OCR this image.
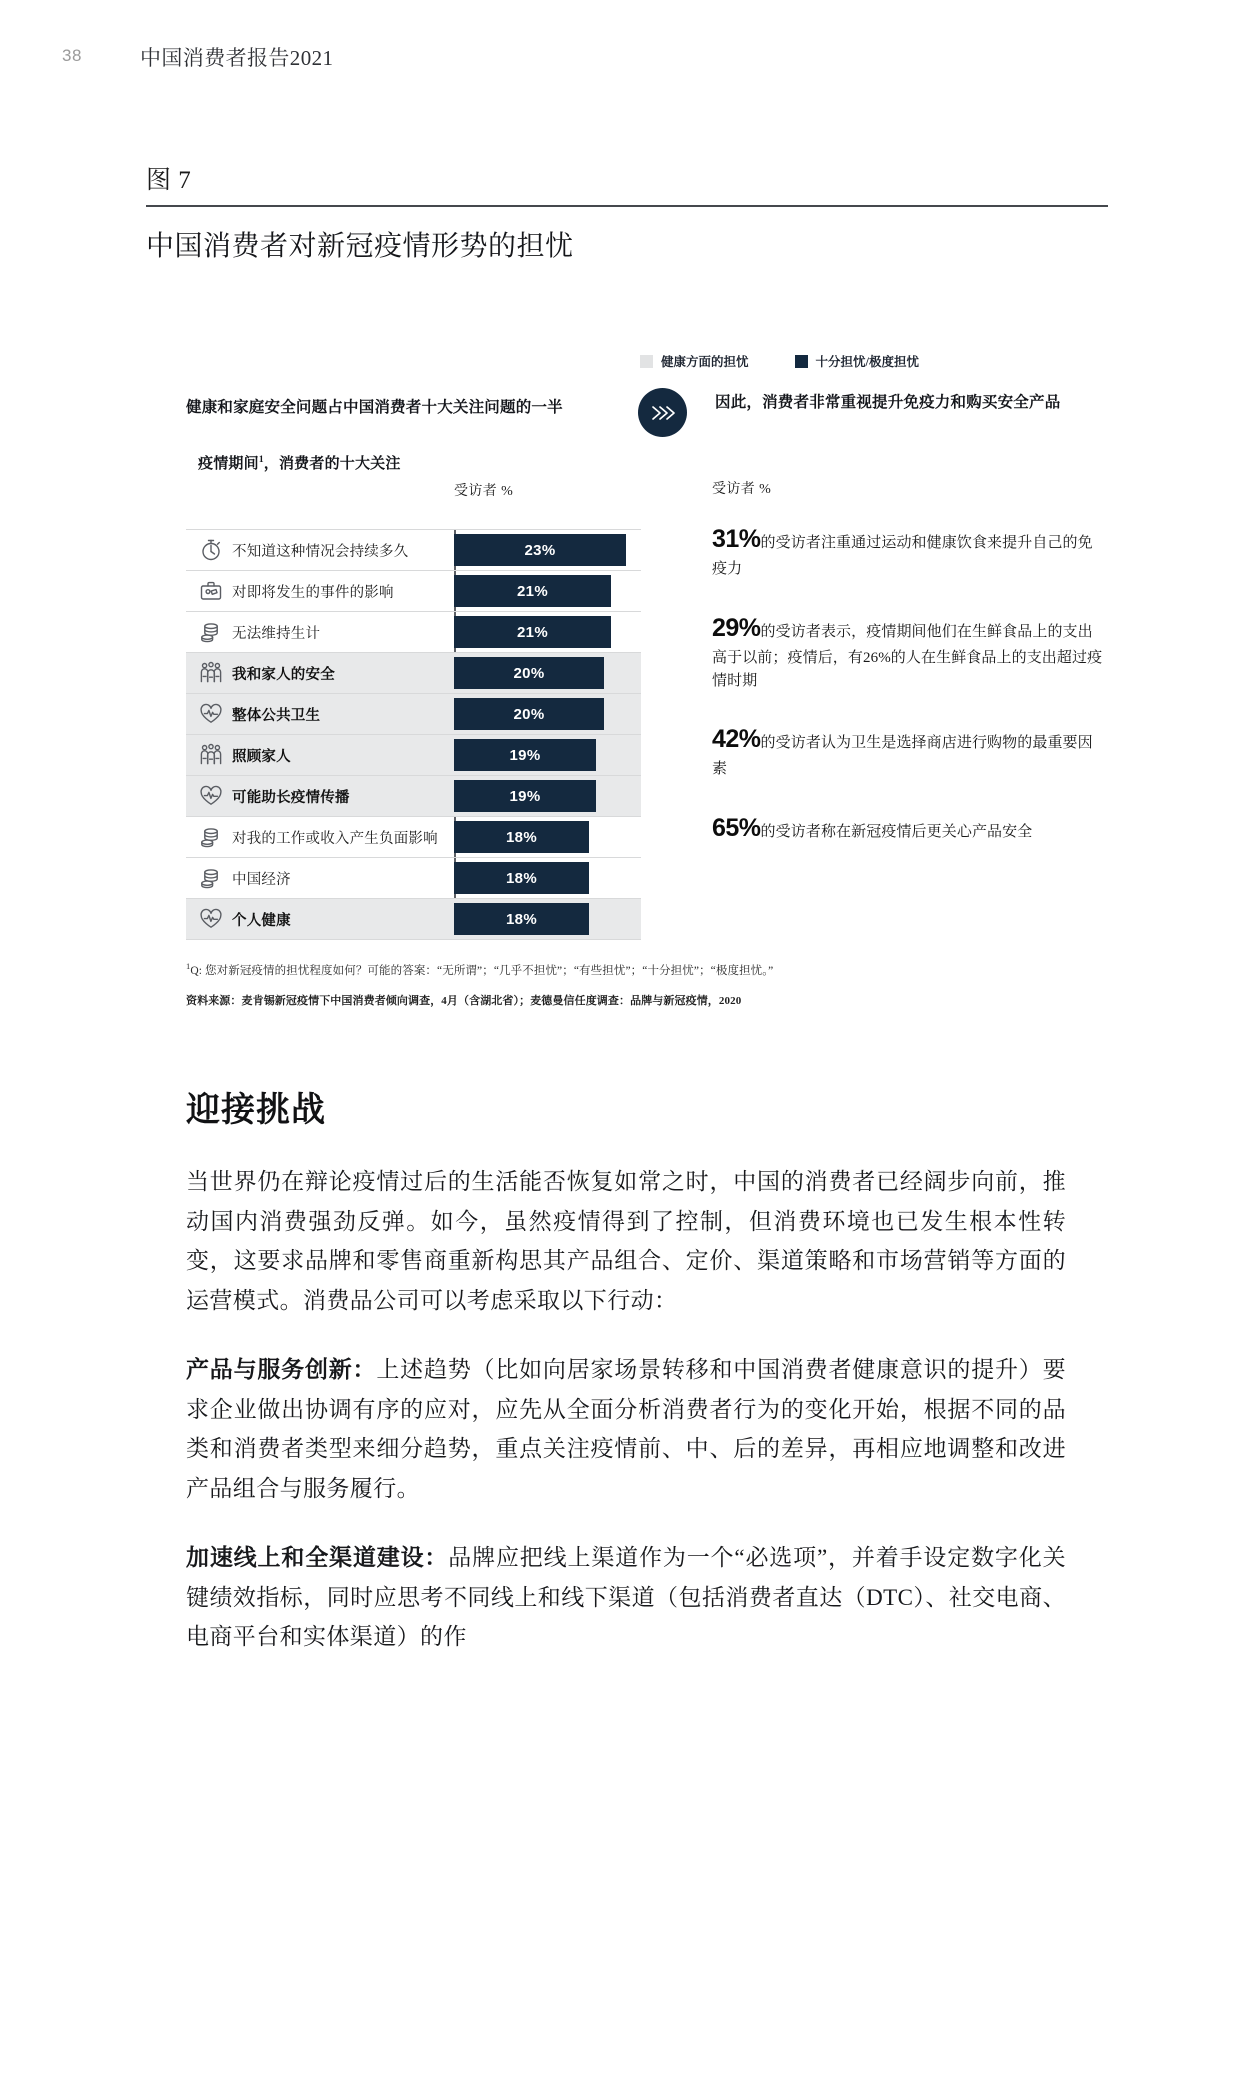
38	中国消费者报告2021
图 7
中国消费者对新冠疫情形势的担忧
健康方面的担忧	十分担忧/极度担忧
健康和家庭安全问题占中国消费者十大关注问题的一半	因此，消费者非常重视提升免疫力和购买安全产品
疫情期间$^1$，消费者的十大关注
受访者 %
不知道这种情况会持续多久	23%
对即将发生的事件的影响	21%
无法维持生计	21%
我和家人的安全	20%
整体公共卫生	20%
照顾家人	19%
可能助长疫情传播	19%
对我的工作或收入产生负面影响	18%
中国经济	18%
个人健康	18%
受访者 %
31%的受访者注重通过运动和健康饮食来提升自己的免疫力
29%的受访者表示，疫情期间他们在生鲜食品上的支出高于以前；疫情后，有26%的人在生鲜食品上的支出超过疫情时期
42%的受访者认为卫生是选择商店进行购物的最重要因素
65%的受访者称在新冠疫情后更关心产品安全
$^1$Q: 您对新冠疫情的担忧程度如何？可能的答案：“无所谓”；“几乎不担忧”；“有些担忧”；“十分担忧”；“极度担忧。”
资料来源：麦肯锡新冠疫情下中国消费者倾向调查，4月（含湖北省）；麦德曼信任度调查：品牌与新冠疫情，2020
迎接挑战
当世界仍在辩论疫情过后的生活能否恢复如常之时，中国的消费者已经阔步向前，推动国内消费强劲反弹。如今，虽然疫情得到了控制，但消费环境也已发生根本性转变，这要求品牌和零售商重新构思其产品组合、定价、渠道策略和市场营销等方面的运营模式。消费品公司可以考虑采取以下行动：
产品与服务创新：上述趋势（比如向居家场景转移和中国消费者健康意识的提升）要求企业做出协调有序的应对，应先从全面分析消费者行为的变化开始，根据不同的品类和消费者类型来细分趋势，重点关注疫情前、中、后的差异，再相应地调整和改进产品组合与服务履行。
加速线上和全渠道建设：品牌应把线上渠道作为一个“必选项”，并着手设定数字化关键绩效指标，同时应思考不同线上和线下渠道（包括消费者直达（DTC）、社交电商、电商平台和实体渠道）的作
